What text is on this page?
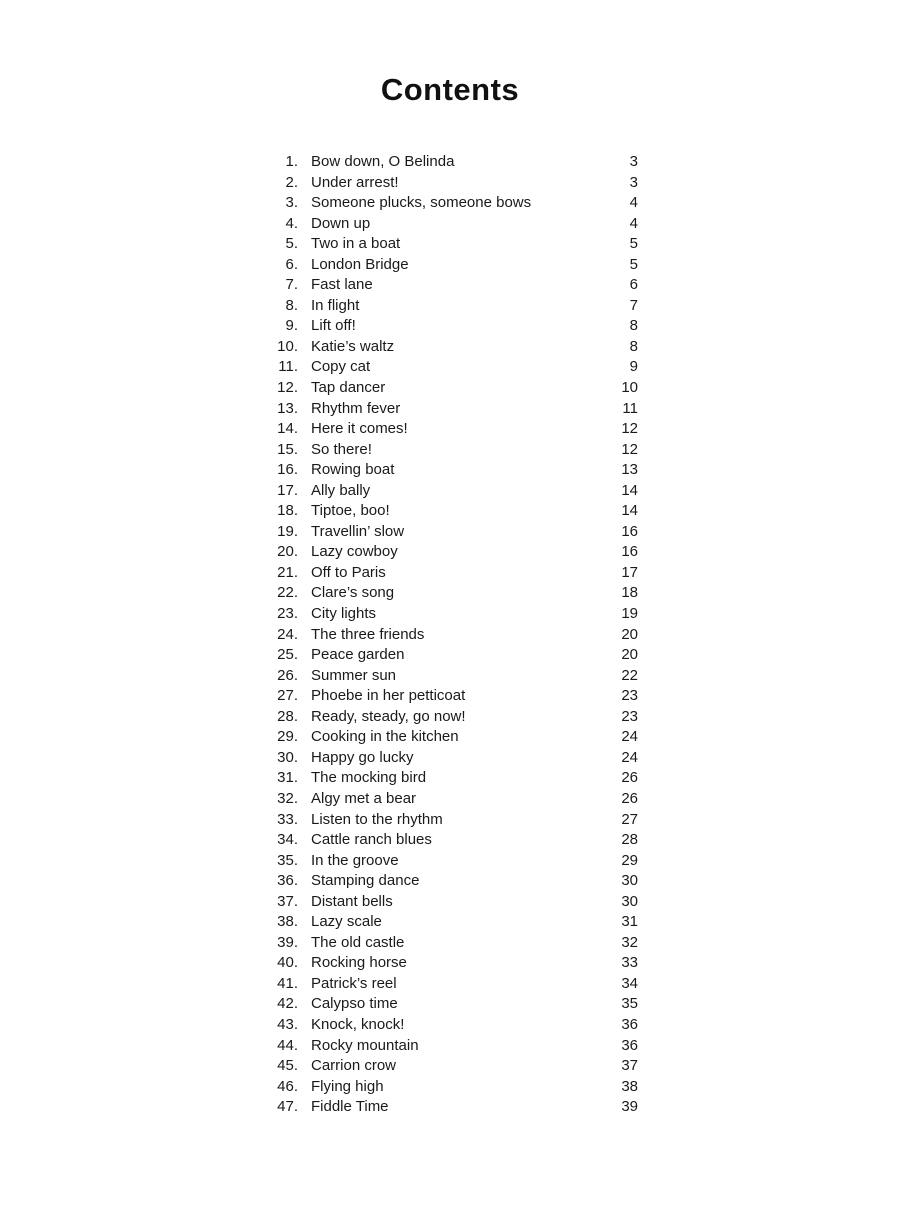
Contents
1. Bow down, O Belinda	3
2. Under arrest!	3
3. Someone plucks, someone bows	4
4. Down up	4
5. Two in a boat	5
6. London Bridge	5
7. Fast lane	6
8. In flight	7
9. Lift off!	8
10. Katie’s waltz	8
11. Copy cat	9
12. Tap dancer	10
13. Rhythm fever	11
14. Here it comes!	12
15. So there!	12
16. Rowing boat	13
17. Ally bally	14
18. Tiptoe, boo!	14
19. Travellin’ slow	16
20. Lazy cowboy	16
21. Off to Paris	17
22. Clare’s song	18
23. City lights	19
24. The three friends	20
25. Peace garden	20
26. Summer sun	22
27. Phoebe in her petticoat	23
28. Ready, steady, go now!	23
29. Cooking in the kitchen	24
30. Happy go lucky	24
31. The mocking bird	26
32. Algy met a bear	26
33. Listen to the rhythm	27
34. Cattle ranch blues	28
35. In the groove	29
36. Stamping dance	30
37. Distant bells	30
38. Lazy scale	31
39. The old castle	32
40. Rocking horse	33
41. Patrick’s reel	34
42. Calypso time	35
43. Knock, knock!	36
44. Rocky mountain	36
45. Carrion crow	37
46. Flying high	38
47. Fiddle Time	39
